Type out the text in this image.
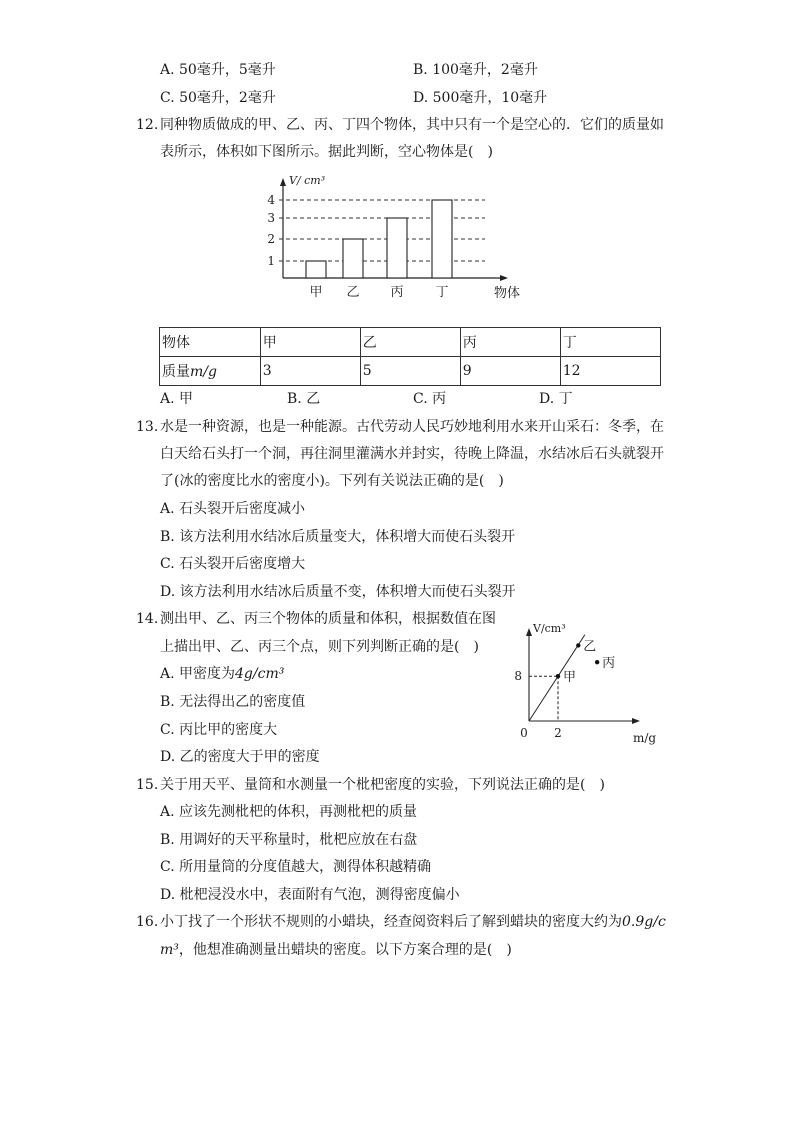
A. 50毫升，5毫升	B. 100毫升，2毫升
C. 50毫升，2毫升	D. 500毫升，10毫升
12. 同种物质做成的甲、乙、丙、丁四个物体，其中只有一个是空心的．它们的质量如
表所示，体积如下图所示。据此判断，空心物体是(　)
1
2
3
4
V/ cm³
物体
甲 乙 丙 丁
物体	甲	乙	丙	丁
质量m/g	3	5	9	12
A. 甲	B. 乙	C. 丙	D. 丁
13. 水是一种资源，也是一种能源。古代劳动人民巧妙地利用水来开山采石：冬季，在
白天给石头打一个洞，再往洞里灌满水并封实，待晚上降温，水结冰后石头就裂开
了(冰的密度比水的密度小)。下列有关说法正确的是(　)
A. 石头裂开后密度减小
B. 该方法利用水结冰后质量变大，体积增大而使石头裂开
C. 石头裂开后密度增大
D. 该方法利用水结冰后质量不变，体积增大而使石头裂开
14. 测出甲、乙、丙三个物体的质量和体积，根据数值在图
上描出甲、乙、丙三个点，则下列判断正确的是(　)
A. 甲密度为4g/cm³
B. 无法得出乙的密度值
C. 丙比甲的密度大
D. 乙的密度大于甲的密度
V/cm³
m/g
0
8
2
甲
乙
丙
15. 关于用天平、量筒和水测量一个枇杷密度的实验，下列说法正确的是(　)
A. 应该先测枇杷的体积，再测枇杷的质量
B. 用调好的天平称量时，枇杷应放在右盘
C. 所用量筒的分度值越大，测得体积越精确
D. 枇杷浸没水中，表面附有气泡，测得密度偏小
16. 小丁找了一个形状不规则的小蜡块，经查阅资料后了解到蜡块的密度大约为0.9g/c
m³，他想准确测量出蜡块的密度。以下方案合理的是(　)
